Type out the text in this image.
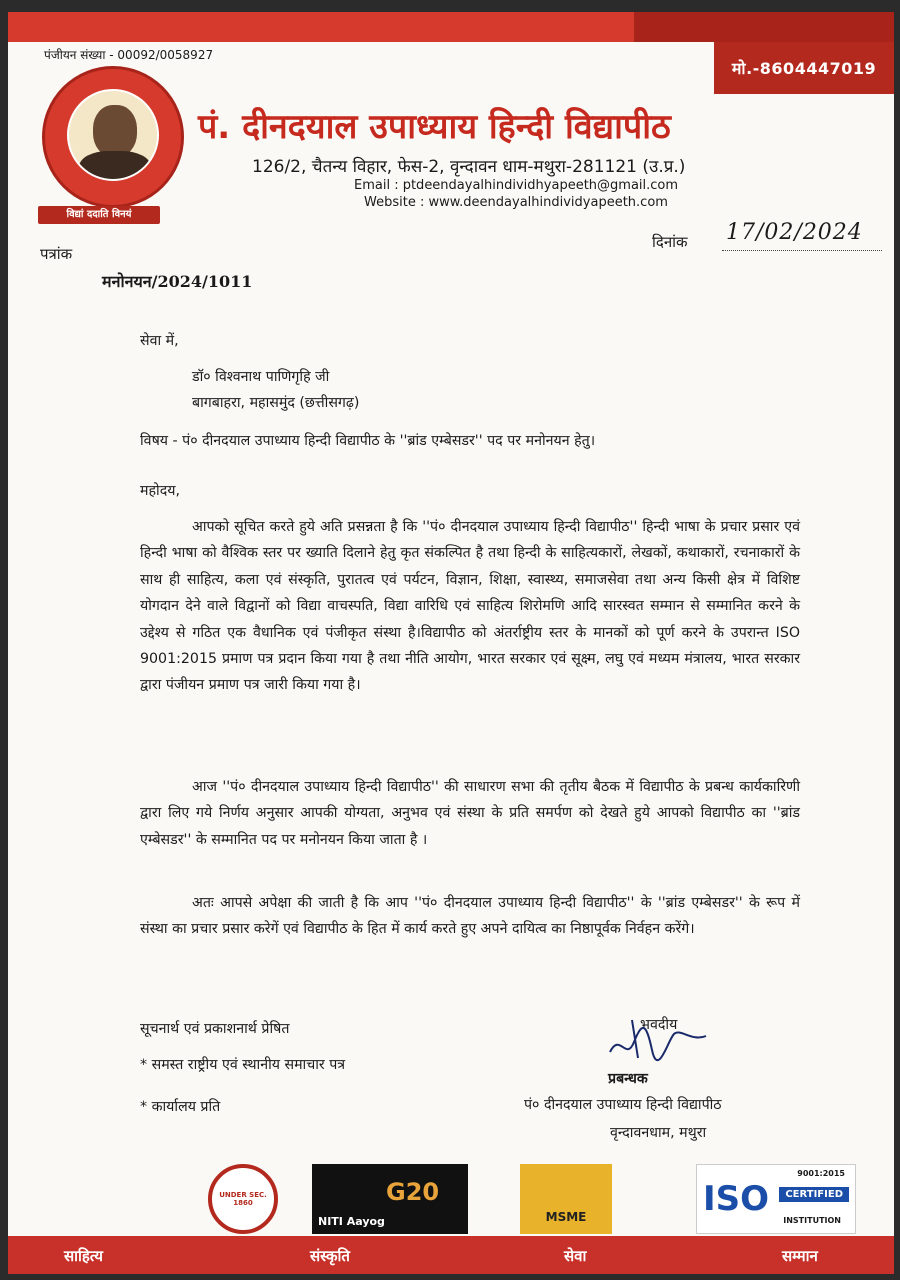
मो.-8604447019
पंजीयन संख्या - 00092/0058927
विद्यां ददाति विनयं
पं. दीनदयाल उपाध्याय हिन्दी विद्यापीठ
126/2, चैतन्य विहार, फेस-2, वृन्दावन धाम-मथुरा-281121 (उ.प्र.)
Email : ptdeendayalhindividhyapeeth@gmail.com
Website : www.deendayalhindividyapeeth.com
पत्रांक
दिनांक 17/02/2024
मनोनयन/2024/1011
सेवा में,
डॉ० विश्वनाथ पाणिगृहि जी
बागबाहरा, महासमुंद (छत्तीसगढ़)
विषय - पं० दीनदयाल उपाध्याय हिन्दी विद्यापीठ के ''ब्रांड एम्बेसडर'' पद पर मनोनयन हेतु।
महोदय,
आपको सूचित करते हुये अति प्रसन्नता है कि ''पं० दीनदयाल उपाध्याय हिन्दी विद्यापीठ'' हिन्दी भाषा के प्रचार प्रसार एवं हिन्दी भाषा को वैश्विक स्तर पर ख्याति दिलाने हेतु कृत संकल्पित है तथा हिन्दी के साहित्यकारों, लेखकों, कथाकारों, रचनाकारों के साथ ही साहित्य, कला एवं संस्कृति, पुरातत्व एवं पर्यटन, विज्ञान, शिक्षा, स्वास्थ्य, समाजसेवा तथा अन्य किसी क्षेत्र में विशिष्ट योगदान देने वाले विद्वानों को विद्या वाचस्पति, विद्या वारिधि एवं साहित्य शिरोमणि आदि सारस्वत सम्मान से सम्मानित करने के उद्देश्य से गठित एक वैधानिक एवं पंजीकृत संस्था है।विद्यापीठ को अंतर्राष्ट्रीय स्तर के मानकों को पूर्ण करने के उपरान्त ISO 9001:2015 प्रमाण पत्र प्रदान किया गया है तथा नीति आयोग, भारत सरकार एवं सूक्ष्म, लघु एवं मध्यम मंत्रालय, भारत सरकार द्वारा पंजीयन प्रमाण पत्र जारी किया गया है।
आज ''पं० दीनदयाल उपाध्याय हिन्दी विद्यापीठ'' की साधारण सभा की तृतीय बैठक में विद्यापीठ के प्रबन्ध कार्यकारिणी द्वारा लिए गये निर्णय अनुसार आपकी योग्यता, अनुभव एवं संस्था के प्रति समर्पण को देखते हुये आपको विद्यापीठ का ''ब्रांड एम्बेसडर'' के सम्मानित पद पर मनोनयन किया जाता है ।
अतः आपसे अपेक्षा की जाती है कि आप ''पं० दीनदयाल उपाध्याय हिन्दी विद्यापीठ'' के ''ब्रांड एम्बेसडर'' के रूप में संस्था का प्रचार प्रसार करेगें एवं विद्यापीठ के हित में कार्य करते हुए अपने दायित्व का निष्ठापूर्वक निर्वहन करेंगे।
सूचनार्थ एवं प्रकाशनार्थ प्रेषित
* समस्त राष्ट्रीय एवं स्थानीय समाचार पत्र
* कार्यालय प्रति
भवदीय
प्रबन्धक
पं० दीनदयाल उपाध्याय हिन्दी विद्यापीठ
वृन्दावनधाम, मथुरा
UNDER SEC. 1860
NITI Aayog
G20
MSME
9001:2015
ISO	CERTIFIED
INSTITUTION
साहित्य	संस्कृति	सेवा	सम्मान
